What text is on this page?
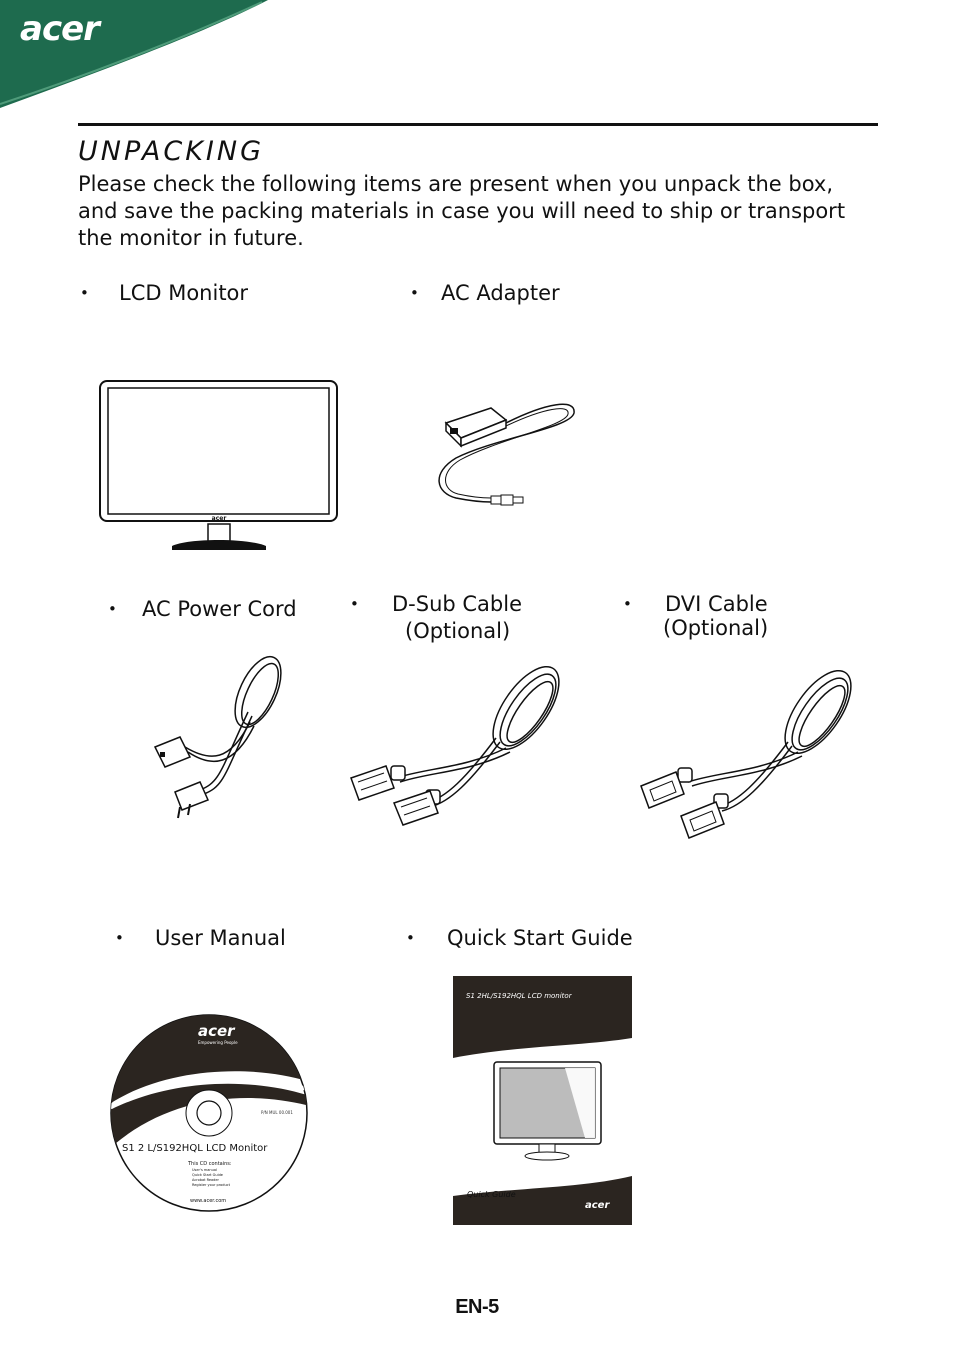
acer
UNPACKING
Please check the following items are present when you unpack the box, and save the packing materials in case you will need to ship or transport the monitor in future.
• LCD Monitor	• AC Adapter
acer
• AC Power Cord	• D-Sub Cable
(Optional)
• DVI Cable
(Optional)
• User Manual	• Quick Start Guide
acer
Empowering People
P/N MUL 00.001
S1 2 L/S192HQL LCD Monitor
This CD contains:
User's manual
Quick Start Guide
Acrobat Reader
Register your product
www.acer.com
S1 2HL/S192HQL LCD monitor
Quick Guide
acer
EN-5
